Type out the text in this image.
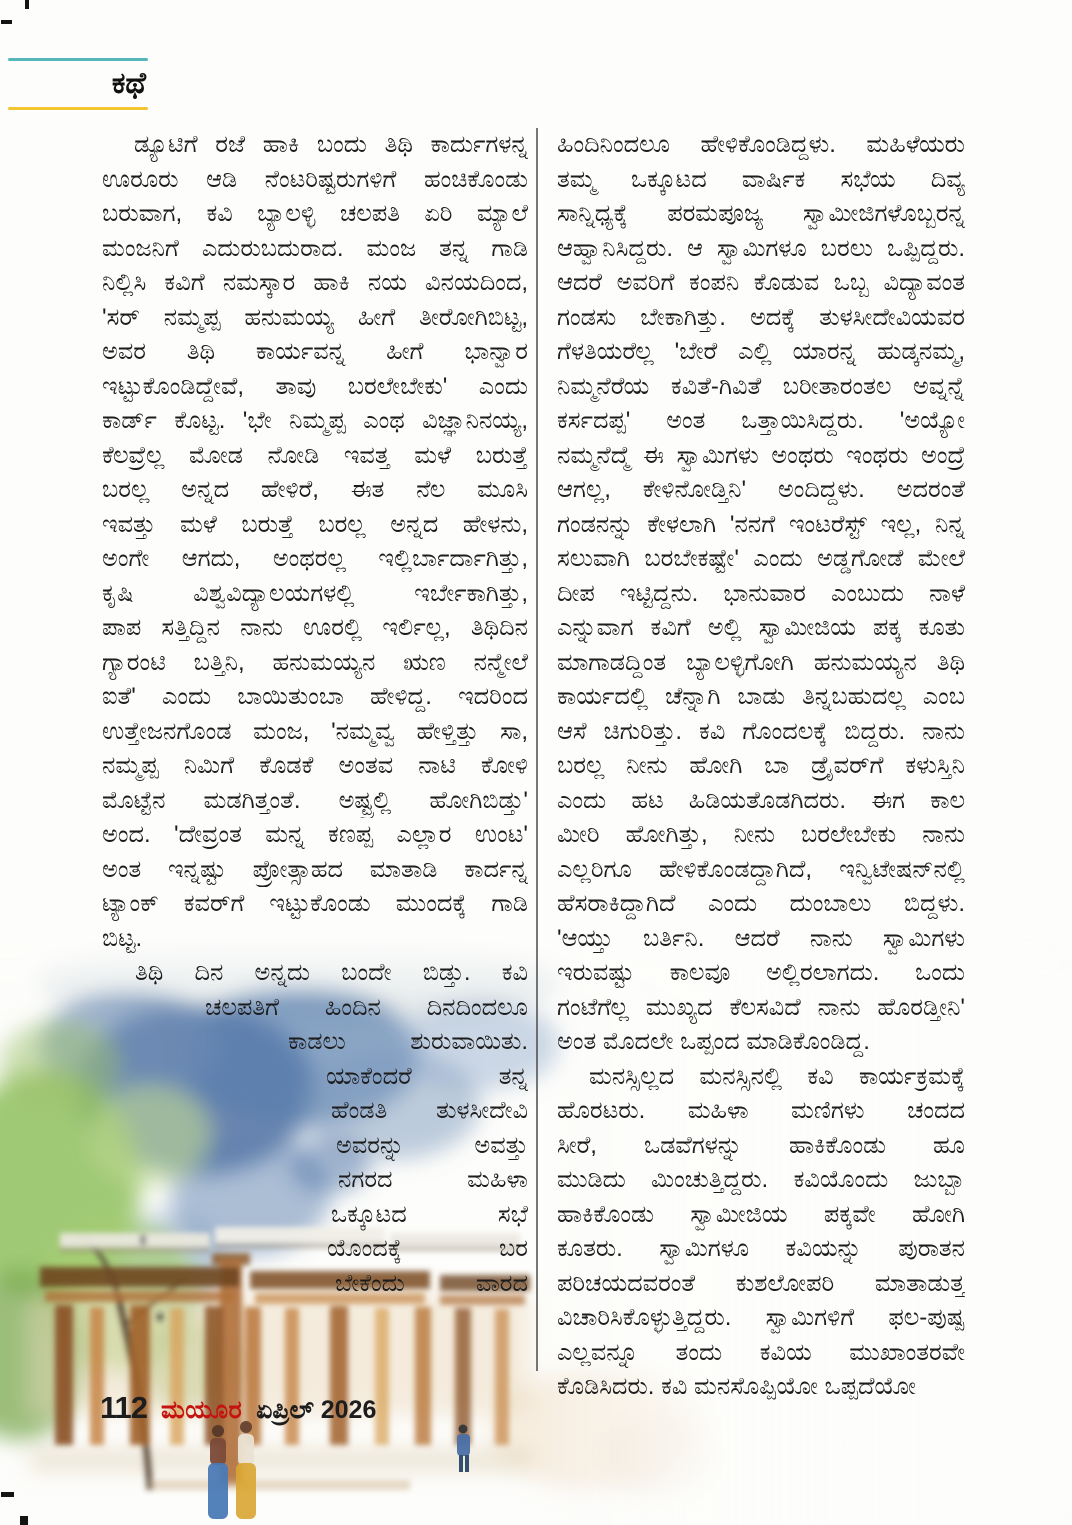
ಕಥೆ
ಡ್ಯೂಟಿಗೆ ರಜೆ ಹಾಕಿ ಬಂದು ತಿಥಿ ಕಾರ್ದುಗಳನ್ನ
ಊರೂರು ಆಡಿ ನೆಂಟರಿಷ್ಟರುಗಳಿಗೆ ಹಂಚಿಕೊಂಡು
ಬರುವಾಗ, ಕವಿ ಬ್ಯಾಲಳ್ಳಿ ಚಲಪತಿ ಏರಿ ಮ್ಯಾಲೆ
ಮಂಜನಿಗೆ ಎದುರುಬದುರಾದ. ಮಂಜ ತನ್ನ ಗಾಡಿ
ನಿಲ್ಲಿಸಿ ಕವಿಗೆ ನಮಸ್ಕಾರ ಹಾಕಿ ನಯ ವಿನಯದಿಂದ,
'ಸರ್ ನಮ್ಮಪ್ಪ ಹನುಮಯ್ಯ ಹೀಗೆ ತೀರೋಗಿಬಿಟ್ಟ,
ಅವರ ತಿಥಿ ಕಾರ್ಯವನ್ನ ಹೀಗೆ ಭಾನ್ವಾರ
ಇಟ್ಟುಕೊಂಡಿದ್ದೇವೆ, ತಾವು ಬರಲೇಬೇಕು' ಎಂದು
ಕಾರ್ಡ್ ಕೊಟ್ಟ. 'ಭೇ ನಿಮ್ಮಪ್ಪ ಎಂಥ ವಿಜ್ಞಾನಿನಯ್ಯ,
ಕೆಲವ್ರೆಲ್ಲ ಮೋಡ ನೋಡಿ ಇವತ್ತ ಮಳೆ ಬರುತ್ತೆ
ಬರಲ್ಲ ಅನ್ನದ ಹೇಳಿರೆ, ಈತ ನೆಲ ಮೂಸಿ
ಇವತ್ತು ಮಳೆ ಬರುತ್ತೆ ಬರಲ್ಲ ಅನ್ನದ ಹೇಳನು,
ಅಂಗೇ ಆಗದು, ಅಂಥರಲ್ಲ ಇಲ್ಲಿರ್ಬಾರ್ದಾಗಿತ್ತು,
ಕೃಷಿ ವಿಶ್ವವಿದ್ಯಾಲಯಗಳಲ್ಲಿ ಇರ್ಬೇಕಾಗಿತ್ತು,
ಪಾಪ ಸತ್ತಿದ್ದಿನ ನಾನು ಊರಲ್ಲಿ ಇರ್ಲಿಲ್ಲ, ತಿಥಿದಿನ
ಗ್ಯಾರಂಟಿ ಬತ್ತಿನಿ, ಹನುಮಯ್ಯನ ಋಣ ನನ್ಮೇಲೆ
ಐತೆ' ಎಂದು ಬಾಯಿತುಂಬಾ ಹೇಳಿದ್ದ. ಇದರಿಂದ
ಉತ್ತೇಜನಗೊಂಡ ಮಂಜ, 'ನಮ್ಮವ್ವ ಹೇಳ್ತಿತ್ತು ಸಾ,
ನಮ್ಮಪ್ಪ ನಿಮಿಗೆ ಕೊಡಕೆ ಅಂತವ ನಾಟಿ ಕೋಳಿ
ಮೊಟ್ಟೆನ ಮಡಗಿತ್ತಂತೆ. ಅಷ್ಟ್ರಲ್ಲಿ ಹೋಗಿಬಿಡ್ತು'
ಅಂದ. 'ದೇವ್ರಂತ ಮನ್ನ ಕಣಪ್ಪ ಎಲ್ಲಾರ ಉಂಟ'
ಅಂತ ಇನ್ನಷ್ಟು ಪ್ರೋತ್ಸಾಹದ ಮಾತಾಡಿ ಕಾರ್ದನ್ನ
ಟ್ಯಾಂಕ್ ಕವರ್‌ಗೆ ಇಟ್ಟುಕೊಂಡು ಮುಂದಕ್ಕೆ ಗಾಡಿ
ಬಿಟ್ಟ.
ತಿಥಿ ದಿನ ಅನ್ನದು ಬಂದೇ ಬಿಡ್ತು. ಕವಿ
ಚಲಪತಿಗೆ ಹಿಂದಿನ ದಿನದಿಂದಲೂ
ಕಾಡಲು ಶುರುವಾಯಿತು.
ಯಾಕೆಂದರೆ ತನ್ನ
ಹೆಂಡತಿ ತುಳಸೀದೇವಿ
ಅವರನ್ನು ಅವತ್ತು
ನಗರದ ಮಹಿಳಾ
ಒಕ್ಕೂಟದ ಸಭೆ
ಯೊಂದಕ್ಕೆ ಬರ
ಬೇಕೆಂದು ವಾರದ
ಹಿಂದಿನಿಂದಲೂ ಹೇಳಿಕೊಂಡಿದ್ದಳು. ಮಹಿಳೆಯರು
ತಮ್ಮ ಒಕ್ಕೂಟದ ವಾರ್ಷಿಕ ಸಭೆಯ ದಿವ್ಯ
ಸಾನ್ನಿಧ್ಯಕ್ಕೆ ಪರಮಪೂಜ್ಯ ಸ್ವಾಮೀಜಿಗಳೊಬ್ಬರನ್ನ
ಆಹ್ವಾನಿಸಿದ್ದರು. ಆ ಸ್ವಾಮಿಗಳೂ ಬರಲು ಒಪ್ಪಿದ್ದರು.
ಆದರೆ ಅವರಿಗೆ ಕಂಪನಿ ಕೊಡುವ ಒಬ್ಬ ವಿದ್ಯಾವಂತ
ಗಂಡಸು ಬೇಕಾಗಿತ್ತು. ಅದಕ್ಕೆ ತುಳಸೀದೇವಿಯವರ
ಗೆಳತಿಯರೆಲ್ಲ 'ಬೇರೆ ಎಲ್ಲಿ ಯಾರನ್ನ ಹುಡ್ಕನಮ್ಮ,
ನಿಮ್ಮನೆರೆಯ ಕವಿತೆ-ಗಿವಿತೆ ಬರೀತಾರಂತಲ ಅವ್ನನ್ನೆ
ಕರ್ಸದಪ್ಪ' ಅಂತ ಒತ್ತಾಯಿಸಿದ್ದರು. 'ಅಯ್ಯೋ
ನಮ್ಮನೆದ್ಮೆ ಈ ಸ್ವಾಮಿಗಳು ಅಂಥರು ಇಂಥರು ಅಂದ್ರೆ
ಆಗಲ್ಲ, ಕೇಳಿನೋಡ್ತಿನಿ' ಅಂದಿದ್ದಳು. ಅದರಂತೆ
ಗಂಡನನ್ನು ಕೇಳಲಾಗಿ 'ನನಗೆ ಇಂಟರೆಸ್ಟ್ ಇಲ್ಲ, ನಿನ್ನ
ಸಲುವಾಗಿ ಬರಬೇಕಷ್ಟೇ' ಎಂದು ಅಡ್ಡಗೋಡೆ ಮೇಲೆ
ದೀಪ ಇಟ್ಟಿದ್ದನು. ಭಾನುವಾರ ಎಂಬುದು ನಾಳೆ
ಎನ್ನುವಾಗ ಕವಿಗೆ ಅಲ್ಲಿ ಸ್ವಾಮೀಜಿಯ ಪಕ್ಕ ಕೂತು
ಮಾಗಾಡದ್ದಿಂತ ಬ್ಯಾಲಳ್ಳಿಗೋಗಿ ಹನುಮಯ್ಯನ ತಿಥಿ
ಕಾರ್ಯದಲ್ಲಿ ಚೆನ್ನಾಗಿ ಬಾಡು ತಿನ್ನಬಹುದಲ್ಲ ಎಂಬ
ಆಸೆ ಚಿಗುರಿತ್ತು. ಕವಿ ಗೊಂದಲಕ್ಕೆ ಬಿದ್ದರು. ನಾನು
ಬರಲ್ಲ ನೀನು ಹೋಗಿ ಬಾ ಡ್ರೈವರ್‌ಗೆ ಕಳುಸ್ತಿನಿ
ಎಂದು ಹಟ ಹಿಡಿಯತೊಡಗಿದರು. ಈಗ ಕಾಲ
ಮೀರಿ ಹೋಗಿತ್ತು, ನೀನು ಬರಲೇಬೇಕು ನಾನು
ಎಲ್ಲರಿಗೂ ಹೇಳಿಕೊಂಡದ್ದಾಗಿದೆ, ಇನ್ವಿಟೇಷನ್‌ನಲ್ಲಿ
ಹೆಸರಾಕಿದ್ದಾಗಿದೆ ಎಂದು ದುಂಬಾಲು ಬಿದ್ದಳು.
'ಆಯ್ತು ಬರ್ತಿನಿ. ಆದರೆ ನಾನು ಸ್ವಾಮಿಗಳು
ಇರುವಷ್ಟು ಕಾಲವೂ ಅಲ್ಲಿರಲಾಗದು. ಒಂದು
ಗಂಟೆಗೆಲ್ಲ ಮುಖ್ಯದ ಕೆಲಸವಿದೆ ನಾನು ಹೊರಡ್ತೀನಿ'
ಅಂತ ಮೊದಲೇ ಒಪ್ಪಂದ ಮಾಡಿಕೊಂಡಿದ್ದ.
ಮನಸ್ಸಿಲ್ಲದ ಮನಸ್ಸಿನಲ್ಲಿ ಕವಿ ಕಾರ್ಯಕ್ರಮಕ್ಕೆ
ಹೊರಟರು. ಮಹಿಳಾ ಮಣಿಗಳು ಚಂದದ
ಸೀರೆ, ಒಡವೆಗಳನ್ನು ಹಾಕಿಕೊಂಡು ಹೂ
ಮುಡಿದು ಮಿಂಚುತ್ತಿದ್ದರು. ಕವಿಯೊಂದು ಜುಬ್ಬಾ
ಹಾಕಿಕೊಂಡು ಸ್ವಾಮೀಜಿಯ ಪಕ್ಕವೇ ಹೋಗಿ
ಕೂತರು. ಸ್ವಾಮಿಗಳೂ ಕವಿಯನ್ನು ಪುರಾತನ
ಪರಿಚಯದವರಂತೆ ಕುಶಲೋಪರಿ ಮಾತಾಡುತ್ತ
ವಿಚಾರಿಸಿಕೊಳ್ಳುತ್ತಿದ್ದರು. ಸ್ವಾಮಿಗಳಿಗೆ ಫಲ-ಪುಷ್ಪ
ಎಲ್ಲವನ್ನೂ ತಂದು ಕವಿಯ ಮುಖಾಂತರವೇ
ಕೊಡಿಸಿದರು. ಕವಿ ಮನಸೊಪ್ಪಿಯೋ ಒಪ್ಪದೆಯೋ
112 ಮಯೂರ ಏಪ್ರಿಲ್ 2026
